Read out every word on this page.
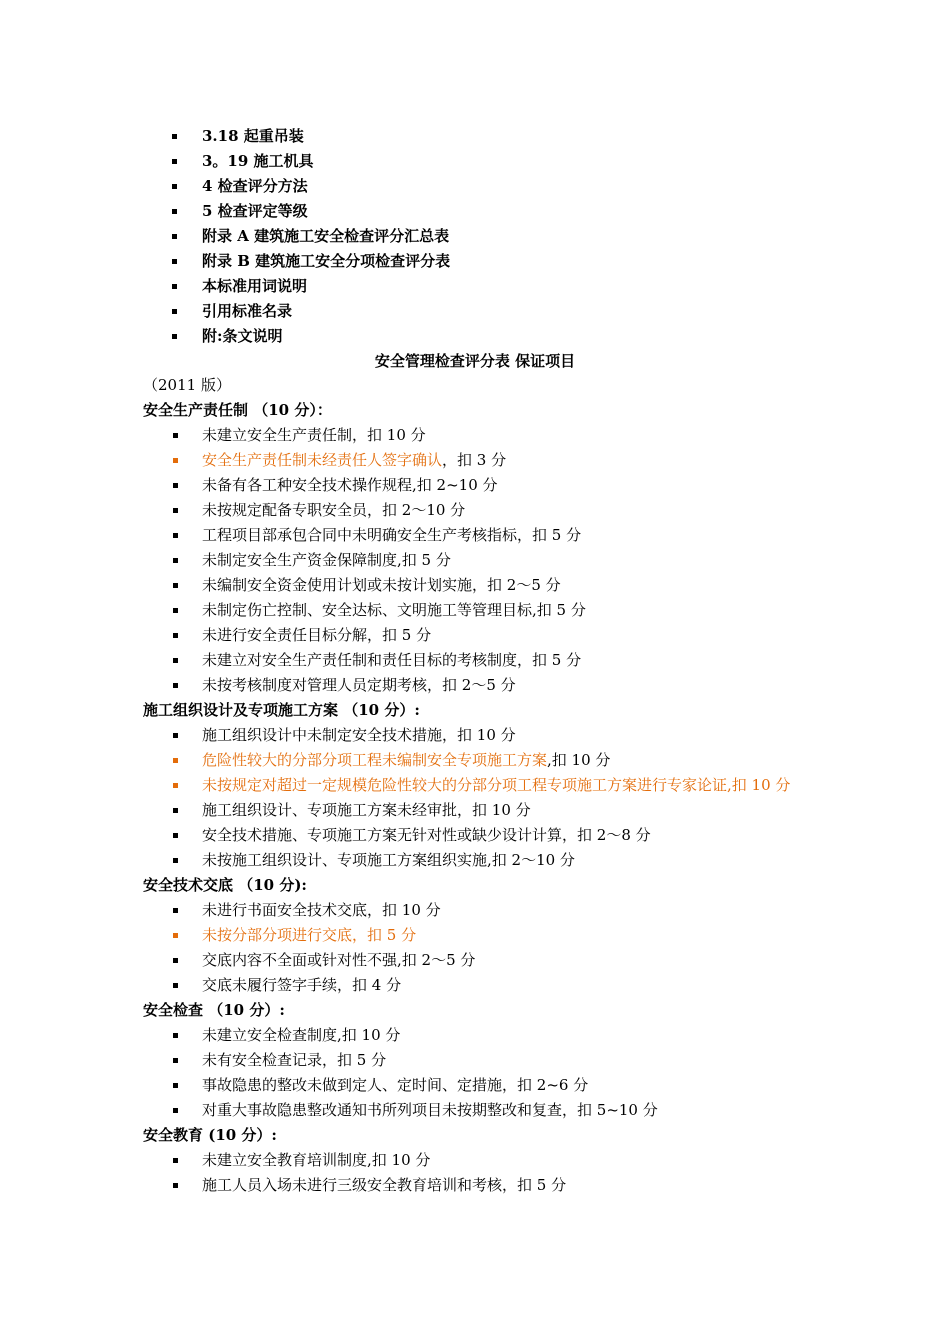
3.18 起重吊装
3。19 施工机具
4 检查评分方法
5 检查评定等级
附录 A 建筑施工安全检查评分汇总表
附录 B 建筑施工安全分项检查评分表
本标准用词说明
引用标准名录
附:条文说明
安全管理检查评分表 保证项目
（2011 版）
安全生产责任制 （10 分）：
未建立安全生产责任制，扣 10 分
安全生产责任制未经责任人签字确认，扣 3 分
未备有各工种安全技术操作规程,扣 2~10 分
未按规定配备专职安全员，扣 2～10 分
工程项目部承包合同中未明确安全生产考核指标，扣 5 分
未制定安全生产资金保障制度,扣 5 分
未编制安全资金使用计划或未按计划实施，扣 2～5 分
未制定伤亡控制、安全达标、文明施工等管理目标,扣 5 分
未进行安全责任目标分解，扣 5 分
未建立对安全生产责任制和责任目标的考核制度，扣 5 分
未按考核制度对管理人员定期考核，扣 2～5 分
施工组织设计及专项施工方案 （10 分）:
施工组织设计中未制定安全技术措施，扣 10 分
危险性较大的分部分项工程未编制安全专项施工方案,扣 10 分
未按规定对超过一定规模危险性较大的分部分项工程专项施工方案进行专家论证,扣 10 分
施工组织设计、专项施工方案未经审批，扣 10 分
安全技术措施、专项施工方案无针对性或缺少设计计算，扣 2～8 分
未按施工组织设计、专项施工方案组织实施,扣 2～10 分
安全技术交底 （10 分):
未进行书面安全技术交底，扣 10 分
未按分部分项进行交底，扣 5 分
交底内容不全面或针对性不强,扣 2～5 分
交底未履行签字手续，扣 4 分
安全检查 （10 分）:
未建立安全检查制度,扣 10 分
未有安全检查记录，扣 5 分
事故隐患的整改未做到定人、定时间、定措施，扣 2~6 分
对重大事故隐患整改通知书所列项目未按期整改和复查，扣 5~10 分
安全教育 (10 分）:
未建立安全教育培训制度,扣 10 分
施工人员入场未进行三级安全教育培训和考核，扣 5 分
